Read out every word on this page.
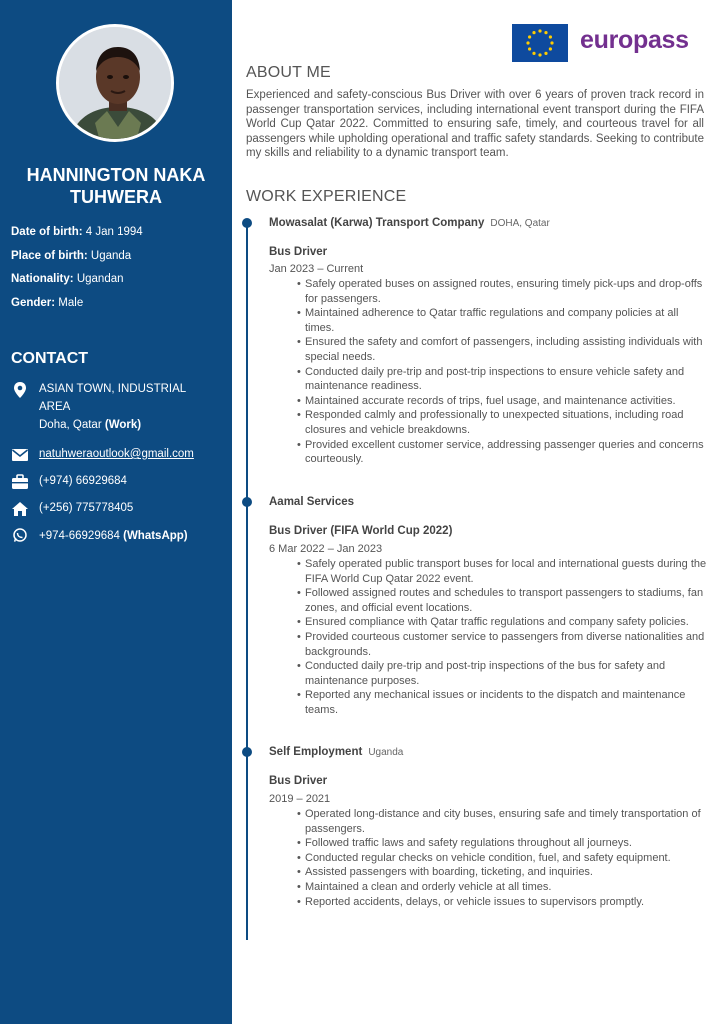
HANNINGTON NAKA TUHWERA
Date of birth: 4 Jan 1994
Place of birth: Uganda
Nationality: Ugandan
Gender: Male
CONTACT
ASIAN TOWN, INDUSTRIAL AREA
Doha, Qatar (Work)
natuhweraoutlook@gmail.com
(+974) 66929684
(+256) 775778405
+974-66929684 (WhatsApp)
europass
ABOUT ME
Experienced and safety-conscious Bus Driver with over 6 years of proven track record in passenger transportation services, including international event transport during the FIFA World Cup Qatar 2022. Committed to ensuring safe, timely, and courteous travel for all passengers while upholding operational and traffic safety standards. Seeking to contribute my skills and reliability to a dynamic transport team.
WORK EXPERIENCE
Mowasalat (Karwa) Transport Company DOHA, Qatar
Bus Driver
Jan 2023 – Current
• Safely operated buses on assigned routes, ensuring timely pick-ups and drop-offs for passengers.
• Maintained adherence to Qatar traffic regulations and company policies at all times.
• Ensured the safety and comfort of passengers, including assisting individuals with special needs.
• Conducted daily pre-trip and post-trip inspections to ensure vehicle safety and maintenance readiness.
• Maintained accurate records of trips, fuel usage, and maintenance activities.
• Responded calmly and professionally to unexpected situations, including road closures and vehicle breakdowns.
• Provided excellent customer service, addressing passenger queries and concerns courteously.
Aamal Services
Bus Driver (FIFA World Cup 2022)
6 Mar 2022 – Jan 2023
• Safely operated public transport buses for local and international guests during the FIFA World Cup Qatar 2022 event.
• Followed assigned routes and schedules to transport passengers to stadiums, fan zones, and official event locations.
• Ensured compliance with Qatar traffic regulations and company safety policies.
• Provided courteous customer service to passengers from diverse nationalities and backgrounds.
• Conducted daily pre-trip and post-trip inspections of the bus for safety and maintenance purposes.
• Reported any mechanical issues or incidents to the dispatch and maintenance teams.
Self Employment Uganda
Bus Driver
2019 – 2021
• Operated long-distance and city buses, ensuring safe and timely transportation of passengers.
• Followed traffic laws and safety regulations throughout all journeys.
• Conducted regular checks on vehicle condition, fuel, and safety equipment.
• Assisted passengers with boarding, ticketing, and inquiries.
• Maintained a clean and orderly vehicle at all times.
• Reported accidents, delays, or vehicle issues to supervisors promptly.
